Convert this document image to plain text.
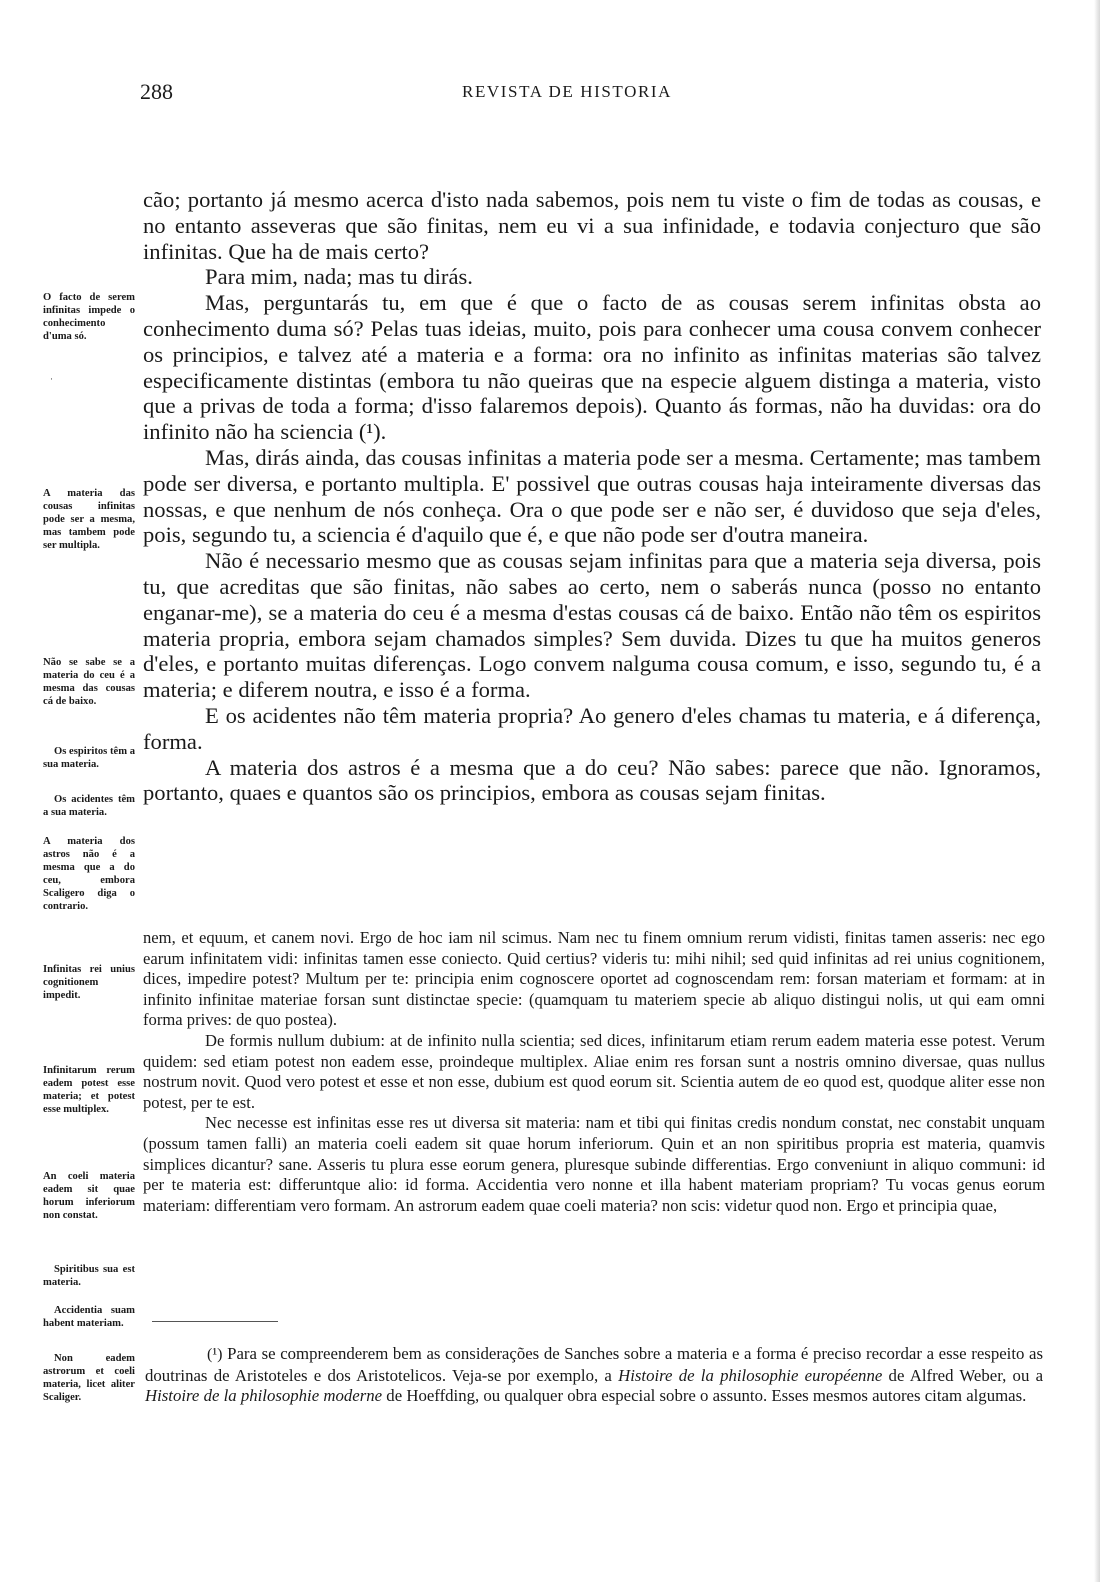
288	REVISTA DE HISTORIA
O facto de serem infinitas impede o conhecimento d'uma só.
·
A materia das cousas infinitas pode ser a mesma, mas tambem pode ser multipla.
Não se sabe se a materia do ceu é a mesma das cousas cá de baixo.
Os espiritos têm a sua materia.
Os acidentes têm a sua materia.
A materia dos astros não é a mesma que a do ceu, embora Scaligero diga o contrario.
Infinitas rei unius cognitionem impedit.
Infinitarum rerum eadem potest esse materia; et potest esse multiplex.
An coeli materia eadem sit quae horum inferiorum non constat.
Spiritibus sua est materia.
Accidentia suam habent materiam.
Non eadem astrorum et coeli materia, licet aliter Scaliger.

cão; portanto já mesmo acerca d'isto nada sabemos, pois nem tu viste o fim de todas as cousas, e no entanto asseveras que são finitas, nem eu vi a sua infinidade, e todavia conjecturo que são infinitas. Que ha de mais certo?

Para mim, nada; mas tu dirás.

Mas, perguntarás tu, em que é que o facto de as cousas serem infinitas obsta ao conhecimento duma só? Pelas tuas ideias, muito, pois para conhecer uma cousa convem conhecer os principios, e talvez até a materia e a forma: ora no infinito as infinitas materias são talvez especificamente distintas (embora tu não queiras que na especie alguem distinga a materia, visto que a privas de toda a forma; d'isso falaremos depois). Quanto ás formas, não ha duvidas: ora do infinito não ha sciencia (¹).

Mas, dirás ainda, das cousas infinitas a materia pode ser a mesma. Certamente; mas tambem pode ser diversa, e portanto multipla. E' possivel que outras cousas haja inteiramente diversas das nossas, e que nenhum de nós conheça. Ora o que pode ser e não ser, é duvidoso que seja d'eles, pois, segundo tu, a sciencia é d'aquilo que é, e que não pode ser d'outra maneira.

Não é necessario mesmo que as cousas sejam infinitas para que a materia seja diversa, pois tu, que acreditas que são finitas, não sabes ao certo, nem o saberás nunca (posso no entanto enganar-me), se a materia do ceu é a mesma d'estas cousas cá de baixo. Então não têm os espiritos materia propria, embora sejam chamados simples? Sem duvida. Dizes tu que ha muitos generos d'eles, e portanto muitas diferenças. Logo convem nalguma cousa comum, e isso, segundo tu, é a materia; e diferem noutra, e isso é a forma.

E os acidentes não têm materia propria? Ao genero d'eles chamas tu materia, e á diferença, forma.

A materia dos astros é a mesma que a do ceu? Não sabes: parece que não. Ignoramos, portanto, quaes e quantos são os principios, embora as cousas sejam finitas.

nem, et equum, et canem novi. Ergo de hoc iam nil scimus. Nam nec tu finem omnium rerum vidisti, finitas tamen asseris: nec ego earum infinitatem vidi: infinitas tamen esse coniecto. Quid certius? videris tu: mihi nihil; sed quid infinitas ad rei unius cognitionem, dices, impedire potest? Multum per te: principia enim cognoscere oportet ad cognoscendam rem: forsan materiam et formam: at in infinito infinitae materiae forsan sunt distinctae specie: (quamquam tu materiem specie ab aliquo distingui nolis, ut qui eam omni forma prives: de quo postea).

De formis nullum dubium: at de infinito nulla scientia; sed dices, infinitarum etiam rerum eadem materia esse potest. Verum quidem: sed etiam potest non eadem esse, proindeque multiplex. Aliae enim res forsan sunt a nostris omnino diversae, quas nullus nostrum novit. Quod vero potest et esse et non esse, dubium est quod eorum sit. Scientia autem de eo quod est, quodque aliter esse non potest, per te est.

Nec necesse est infinitas esse res ut diversa sit materia: nam et tibi qui finitas credis nondum constat, nec constabit unquam (possum tamen falli) an materia coeli eadem sit quae horum inferiorum. Quin et an non spiritibus propria est materia, quamvis simplices dicantur? sane. Asseris tu plura esse eorum genera, pluresque subinde differentias. Ergo conveniunt in aliquo communi: id per te materia est: differuntque alio: id forma. Accidentia vero nonne et illa habent materiam propriam? Tu vocas genus eorum materiam: differentiam vero formam. An astrorum eadem quae coeli materia? non scis: videtur quod non. Ergo et principia quae,

(¹) Para se compreenderem bem as considerações de Sanches sobre a materia e a forma é preciso recordar a esse respeito as doutrinas de Aristoteles e dos Aristotelicos. Veja-se por exemplo, a Histoire de la philosophie européenne de Alfred Weber, ou a Histoire de la philosophie moderne de Hoeffding, ou qualquer obra especial sobre o assunto. Esses mesmos autores citam algumas.
